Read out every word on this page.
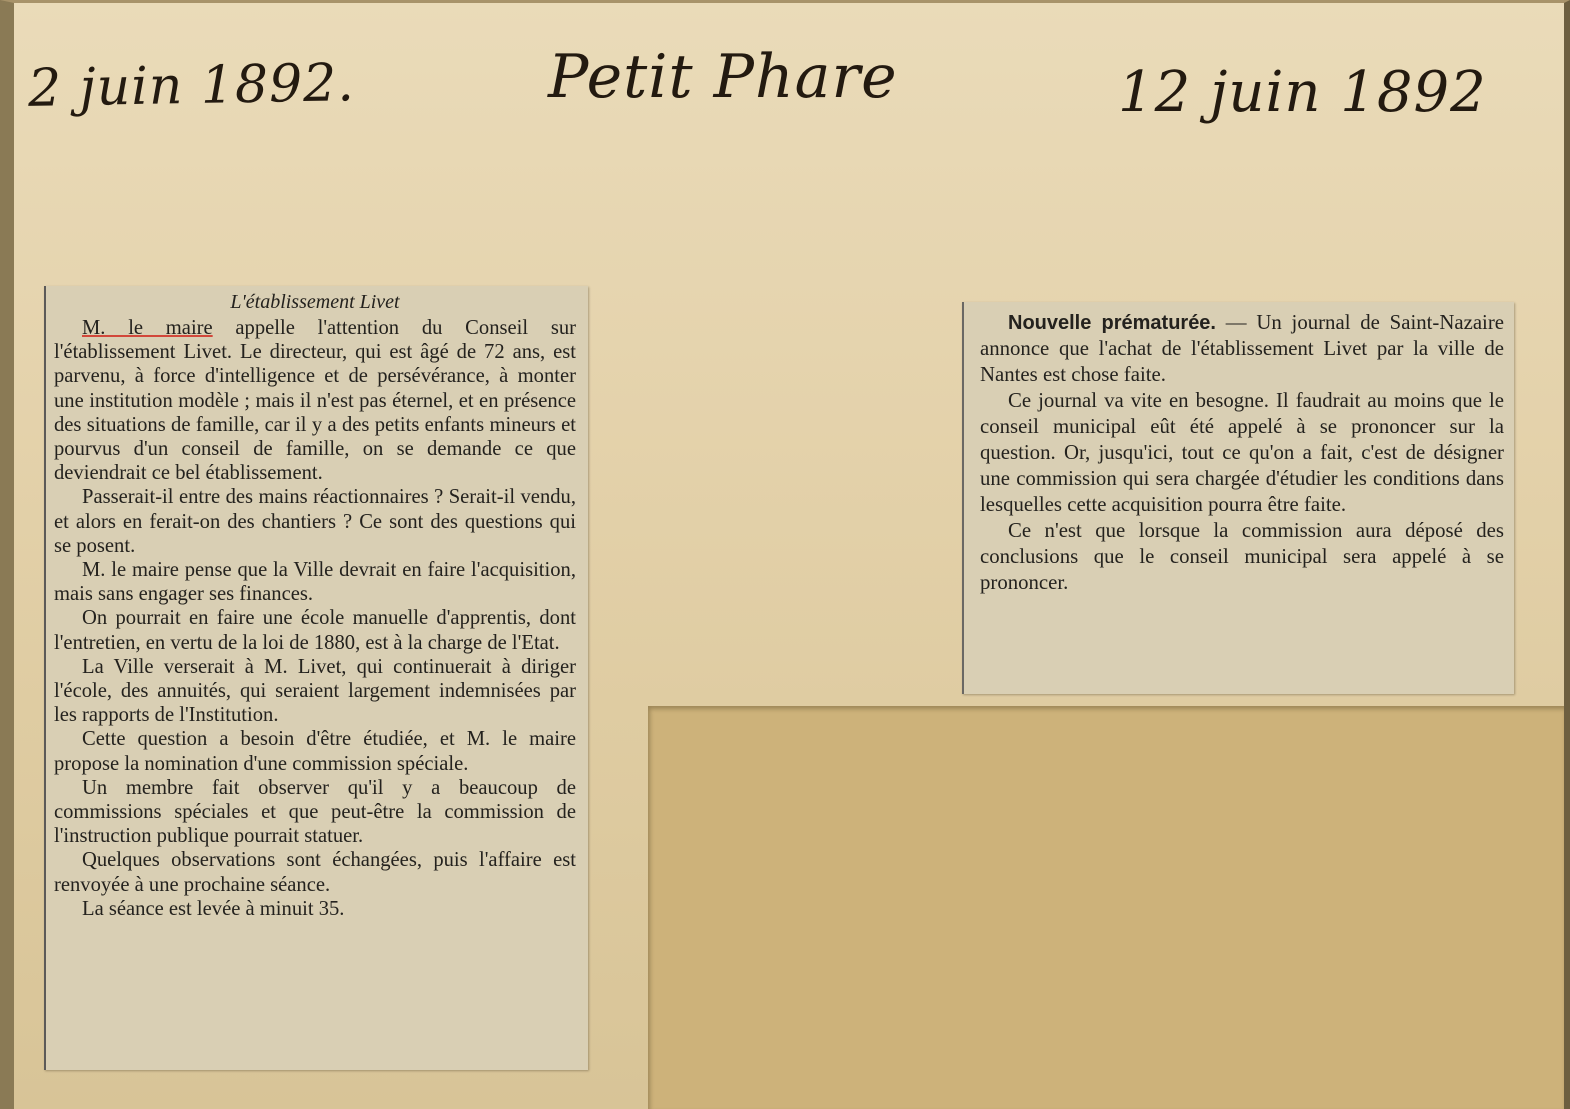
2 juin 1892.	Petit Phare	12 juin 1892
L'établissement Livet

M. le maire appelle l'attention du Conseil sur l'établissement Livet. Le directeur, qui est âgé de 72 ans, est parvenu, à force d'intelligence et de persévérance, à monter une institution modèle ; mais il n'est pas éternel, et en présence des situations de famille, car il y a des petits enfants mineurs et pourvus d'un conseil de famille, on se demande ce que deviendrait ce bel établissement.

Passerait-il entre des mains réactionnaires ? Serait-il vendu, et alors en ferait-on des chantiers ? Ce sont des questions qui se posent.

M. le maire pense que la Ville devrait en faire l'acquisition, mais sans engager ses finances.

On pourrait en faire une école manuelle d'apprentis, dont l'entretien, en vertu de la loi de 1880, est à la charge de l'Etat.

La Ville verserait à M. Livet, qui continuerait à diriger l'école, des annuités, qui seraient largement indemnisées par les rapports de l'Institution.

Cette question a besoin d'être étudiée, et M. le maire propose la nomination d'une commission spéciale.

Un membre fait observer qu'il y a beaucoup de commissions spéciales et que peut-être la commission de l'instruction publique pourrait statuer.

Quelques observations sont échangées, puis l'affaire est renvoyée à une prochaine séance.

La séance est levée à minuit 35.

Nouvelle prématurée. — Un journal de Saint-Nazaire annonce que l'achat de l'établissement Livet par la ville de Nantes est chose faite.

Ce journal va vite en besogne. Il faudrait au moins que le conseil municipal eût été appelé à se prononcer sur la question. Or, jusqu'ici, tout ce qu'on a fait, c'est de désigner une commission qui sera chargée d'étudier les conditions dans lesquelles cette acquisition pourra être faite.

Ce n'est que lorsque la commission aura déposé des conclusions que le conseil municipal sera appelé à se prononcer.
